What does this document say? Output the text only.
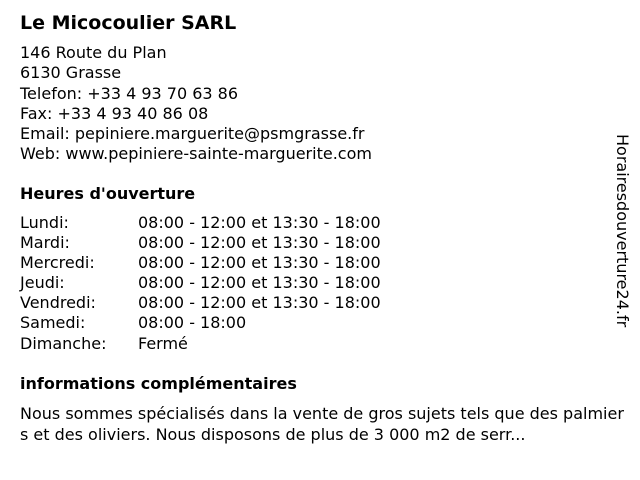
Le Micocoulier SARL
146 Route du Plan
6130 Grasse
Telefon: +33 4 93 70 63 86
Fax: +33 4 93 40 86 08
Email: pepiniere.marguerite@psmgrasse.fr
Web: www.pepiniere-sainte-marguerite.com
Heures d'ouverture
Lundi:	08:00 - 12:00 et 13:30 - 18:00
Mardi:	08:00 - 12:00 et 13:30 - 18:00
Mercredi:	08:00 - 12:00 et 13:30 - 18:00
Jeudi:	08:00 - 12:00 et 13:30 - 18:00
Vendredi:	08:00 - 12:00 et 13:30 - 18:00
Samedi:	08:00 - 18:00
Dimanche:	Fermé
informations complémentaires
Nous sommes spécialisés dans la vente de gros sujets tels que des palmiers et des oliviers. Nous disposons de plus de 3 000 m2 de serr...
Horairesdouverture24.fr
